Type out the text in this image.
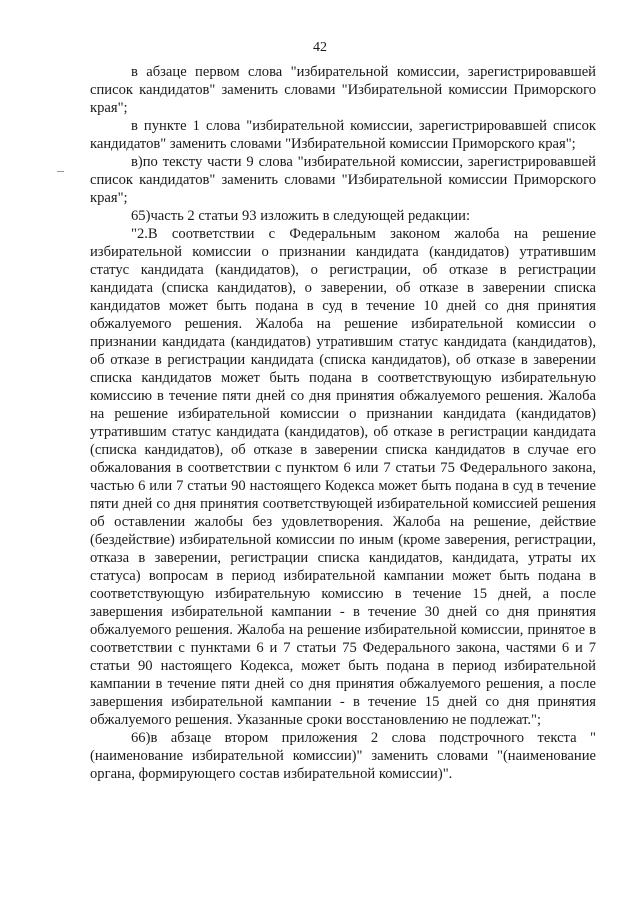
42

в абзаце первом слова "избирательной комиссии, зарегистрировавшей список кандидатов" заменить словами "Избирательной комиссии Приморского края";

в пункте 1 слова "избирательной комиссии, зарегистрировавшей список кандидатов" заменить словами "Избирательной комиссии Приморского края";

в)по тексту части 9 слова "избирательной комиссии, зарегистрировавшей список кандидатов" заменить словами "Избирательной комиссии Приморского края";

65)часть 2 статьи 93 изложить в следующей редакции:

"2.В соответствии с Федеральным законом жалоба на решение избирательной комиссии о признании кандидата (кандидатов) утратившим статус кандидата (кандидатов), о регистрации, об отказе в регистрации кандидата (списка кандидатов), о заверении, об отказе в заверении списка кандидатов может быть подана в суд в течение 10 дней со дня принятия обжалуемого решения. Жалоба на решение избирательной комиссии о признании кандидата (кандидатов) утратившим статус кандидата (кандидатов), об отказе в регистрации кандидата (списка кандидатов), об отказе в заверении списка кандидатов может быть подана в соответствующую избирательную комиссию в течение пяти дней со дня принятия обжалуемого решения. Жалоба на решение избирательной комиссии о признании кандидата (кандидатов) утратившим статус кандидата (кандидатов), об отказе в регистрации кандидата (списка кандидатов), об отказе в заверении списка кандидатов в случае его обжалования в соответствии с пунктом 6 или 7 статьи 75 Федерального закона, частью 6 или 7 статьи 90 настоящего Кодекса может быть подана в суд в течение пяти дней со дня принятия соответствующей избирательной комиссией решения об оставлении жалобы без удовлетворения. Жалоба на решение, действие (бездействие) избирательной комиссии по иным (кроме заверения, регистрации, отказа в заверении, регистрации списка кандидатов, кандидата, утраты их статуса) вопросам в период избирательной кампании может быть подана в соответствующую избирательную комиссию в течение 15 дней, а после завершения избирательной кампании - в течение 30 дней со дня принятия обжалуемого решения. Жалоба на решение избирательной комиссии, принятое в соответствии с пунктами 6 и 7 статьи 75 Федерального закона, частями 6 и 7 статьи 90 настоящего Кодекса, может быть подана в период избирательной кампании в течение пяти дней со дня принятия обжалуемого решения, а после завершения избирательной кампании - в течение 15 дней со дня принятия обжалуемого решения. Указанные сроки восстановлению не подлежат.";

66)в абзаце втором приложения 2 слова подстрочного текста "(наименование избирательной комиссии)" заменить словами "(наименование органа, формирующего состав избирательной комиссии)".
